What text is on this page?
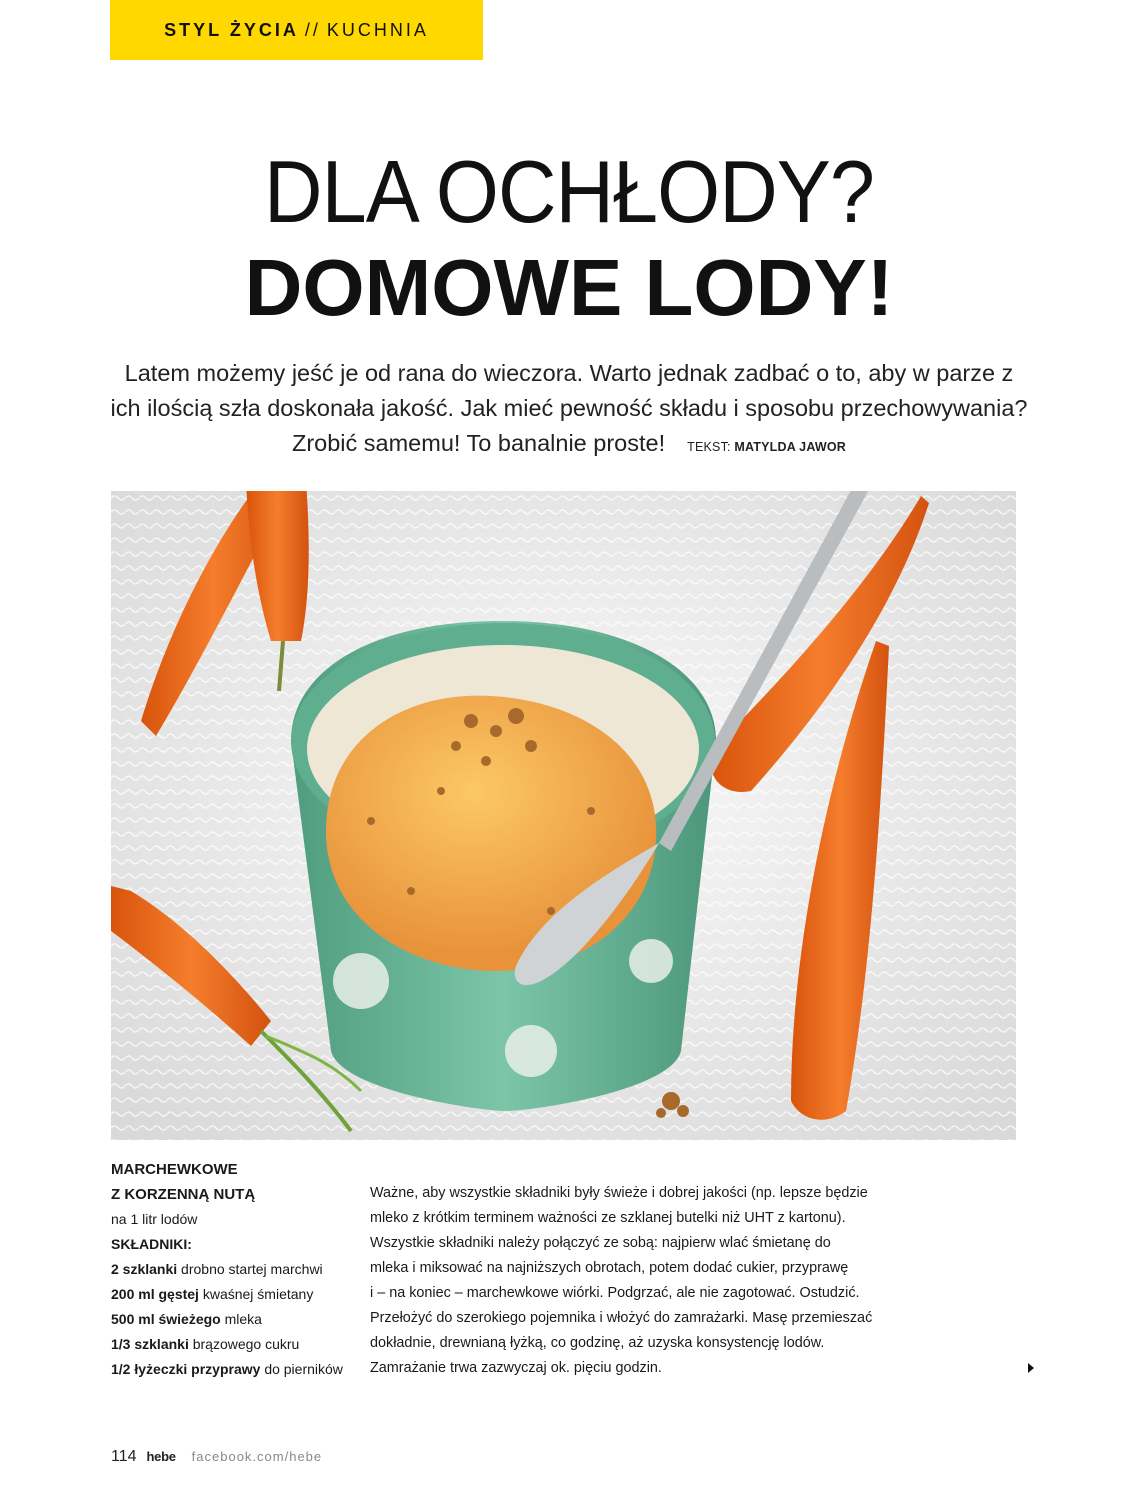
STYL ŻYCIA // KUCHNIA
DLA OCHŁODY?
DOMOWE LODY!
Latem możemy jeść je od rana do wieczora. Warto jednak zadbać o to, aby w parze z ich ilością szła doskonała jakość. Jak mieć pewność składu i sposobu przechowywania? Zrobić samemu! To banalnie proste! TEKST: MATYLDA JAWOR
MARCHEWKOWE
Z KORZENNĄ NUTĄ
na 1 litr lodów
SKŁADNIKI:
2 szklanki drobno startej marchwi
200 ml gęstej kwaśnej śmietany
500 ml świeżego mleka
1/3 szklanki brązowego cukru
1/2 łyżeczki przyprawy do pierników
Ważne, aby wszystkie składniki były świeże i dobrej jakości (np. lepsze będzie
mleko z krótkim terminem ważności ze szklanej butelki niż UHT z kartonu).
Wszystkie składniki należy połączyć ze sobą: najpierw wlać śmietanę do
mleka i miksować na najniższych obrotach, potem dodać cukier, przyprawę
i – na koniec – marchewkowe wiórki. Podgrzać, ale nie zagotować. Ostudzić.
Przełożyć do szerokiego pojemnika i włożyć do zamrażarki. Masę przemieszać
dokładnie, drewnianą łyżką, co godzinę, aż uzyska konsystencję lodów.
Zamrażanie trwa zazwyczaj ok. pięciu godzin.
114 hebe facebook.com/hebe
